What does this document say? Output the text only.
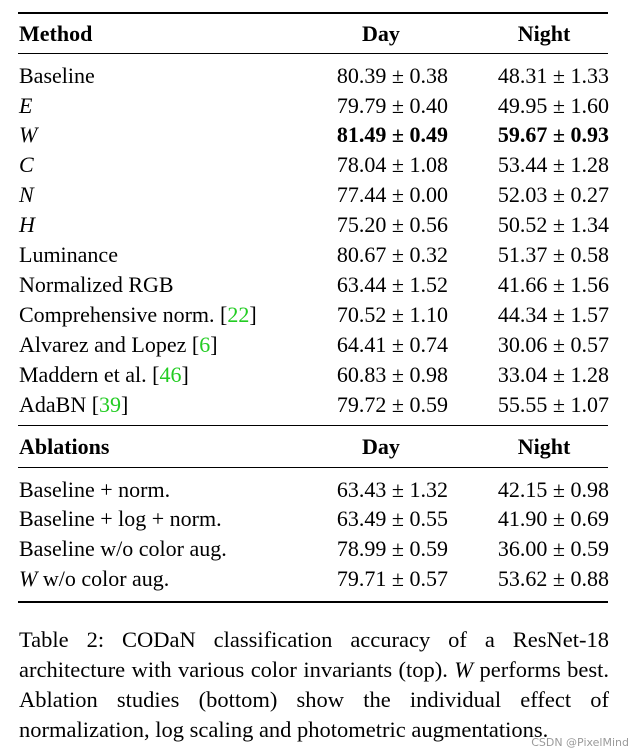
Method	Day	Night
Baseline	80.39 ± 0.38	48.31 ± 1.33
E	79.79 ± 0.40	49.95 ± 1.60
W	81.49 ± 0.49	59.67 ± 0.93
C	78.04 ± 1.08	53.44 ± 1.28
N	77.44 ± 0.00	52.03 ± 0.27
H	75.20 ± 0.56	50.52 ± 1.34
Luminance	80.67 ± 0.32	51.37 ± 0.58
Normalized RGB	63.44 ± 1.52	41.66 ± 1.56
Comprehensive norm. [22]	70.52 ± 1.10	44.34 ± 1.57
Alvarez and Lopez [6]	64.41 ± 0.74	30.06 ± 0.57
Maddern et al. [46]	60.83 ± 0.98	33.04 ± 1.28
AdaBN [39]	79.72 ± 0.59	55.55 ± 1.07
Ablations	Day	Night
Baseline + norm.	63.43 ± 1.32	42.15 ± 0.98
Baseline + log + norm.	63.49 ± 0.55	41.90 ± 0.69
Baseline w/o color aug.	78.99 ± 0.59	36.00 ± 0.59
W w/o color aug.	79.71 ± 0.57	53.62 ± 0.88
Table 2: CODaN classification accuracy of a ResNet-18 architecture with various color invariants (top). W performs best. Ablation studies (bottom) show the individual effect of normalization, log scaling and photometric augmentations.
CSDN @PixelMind
